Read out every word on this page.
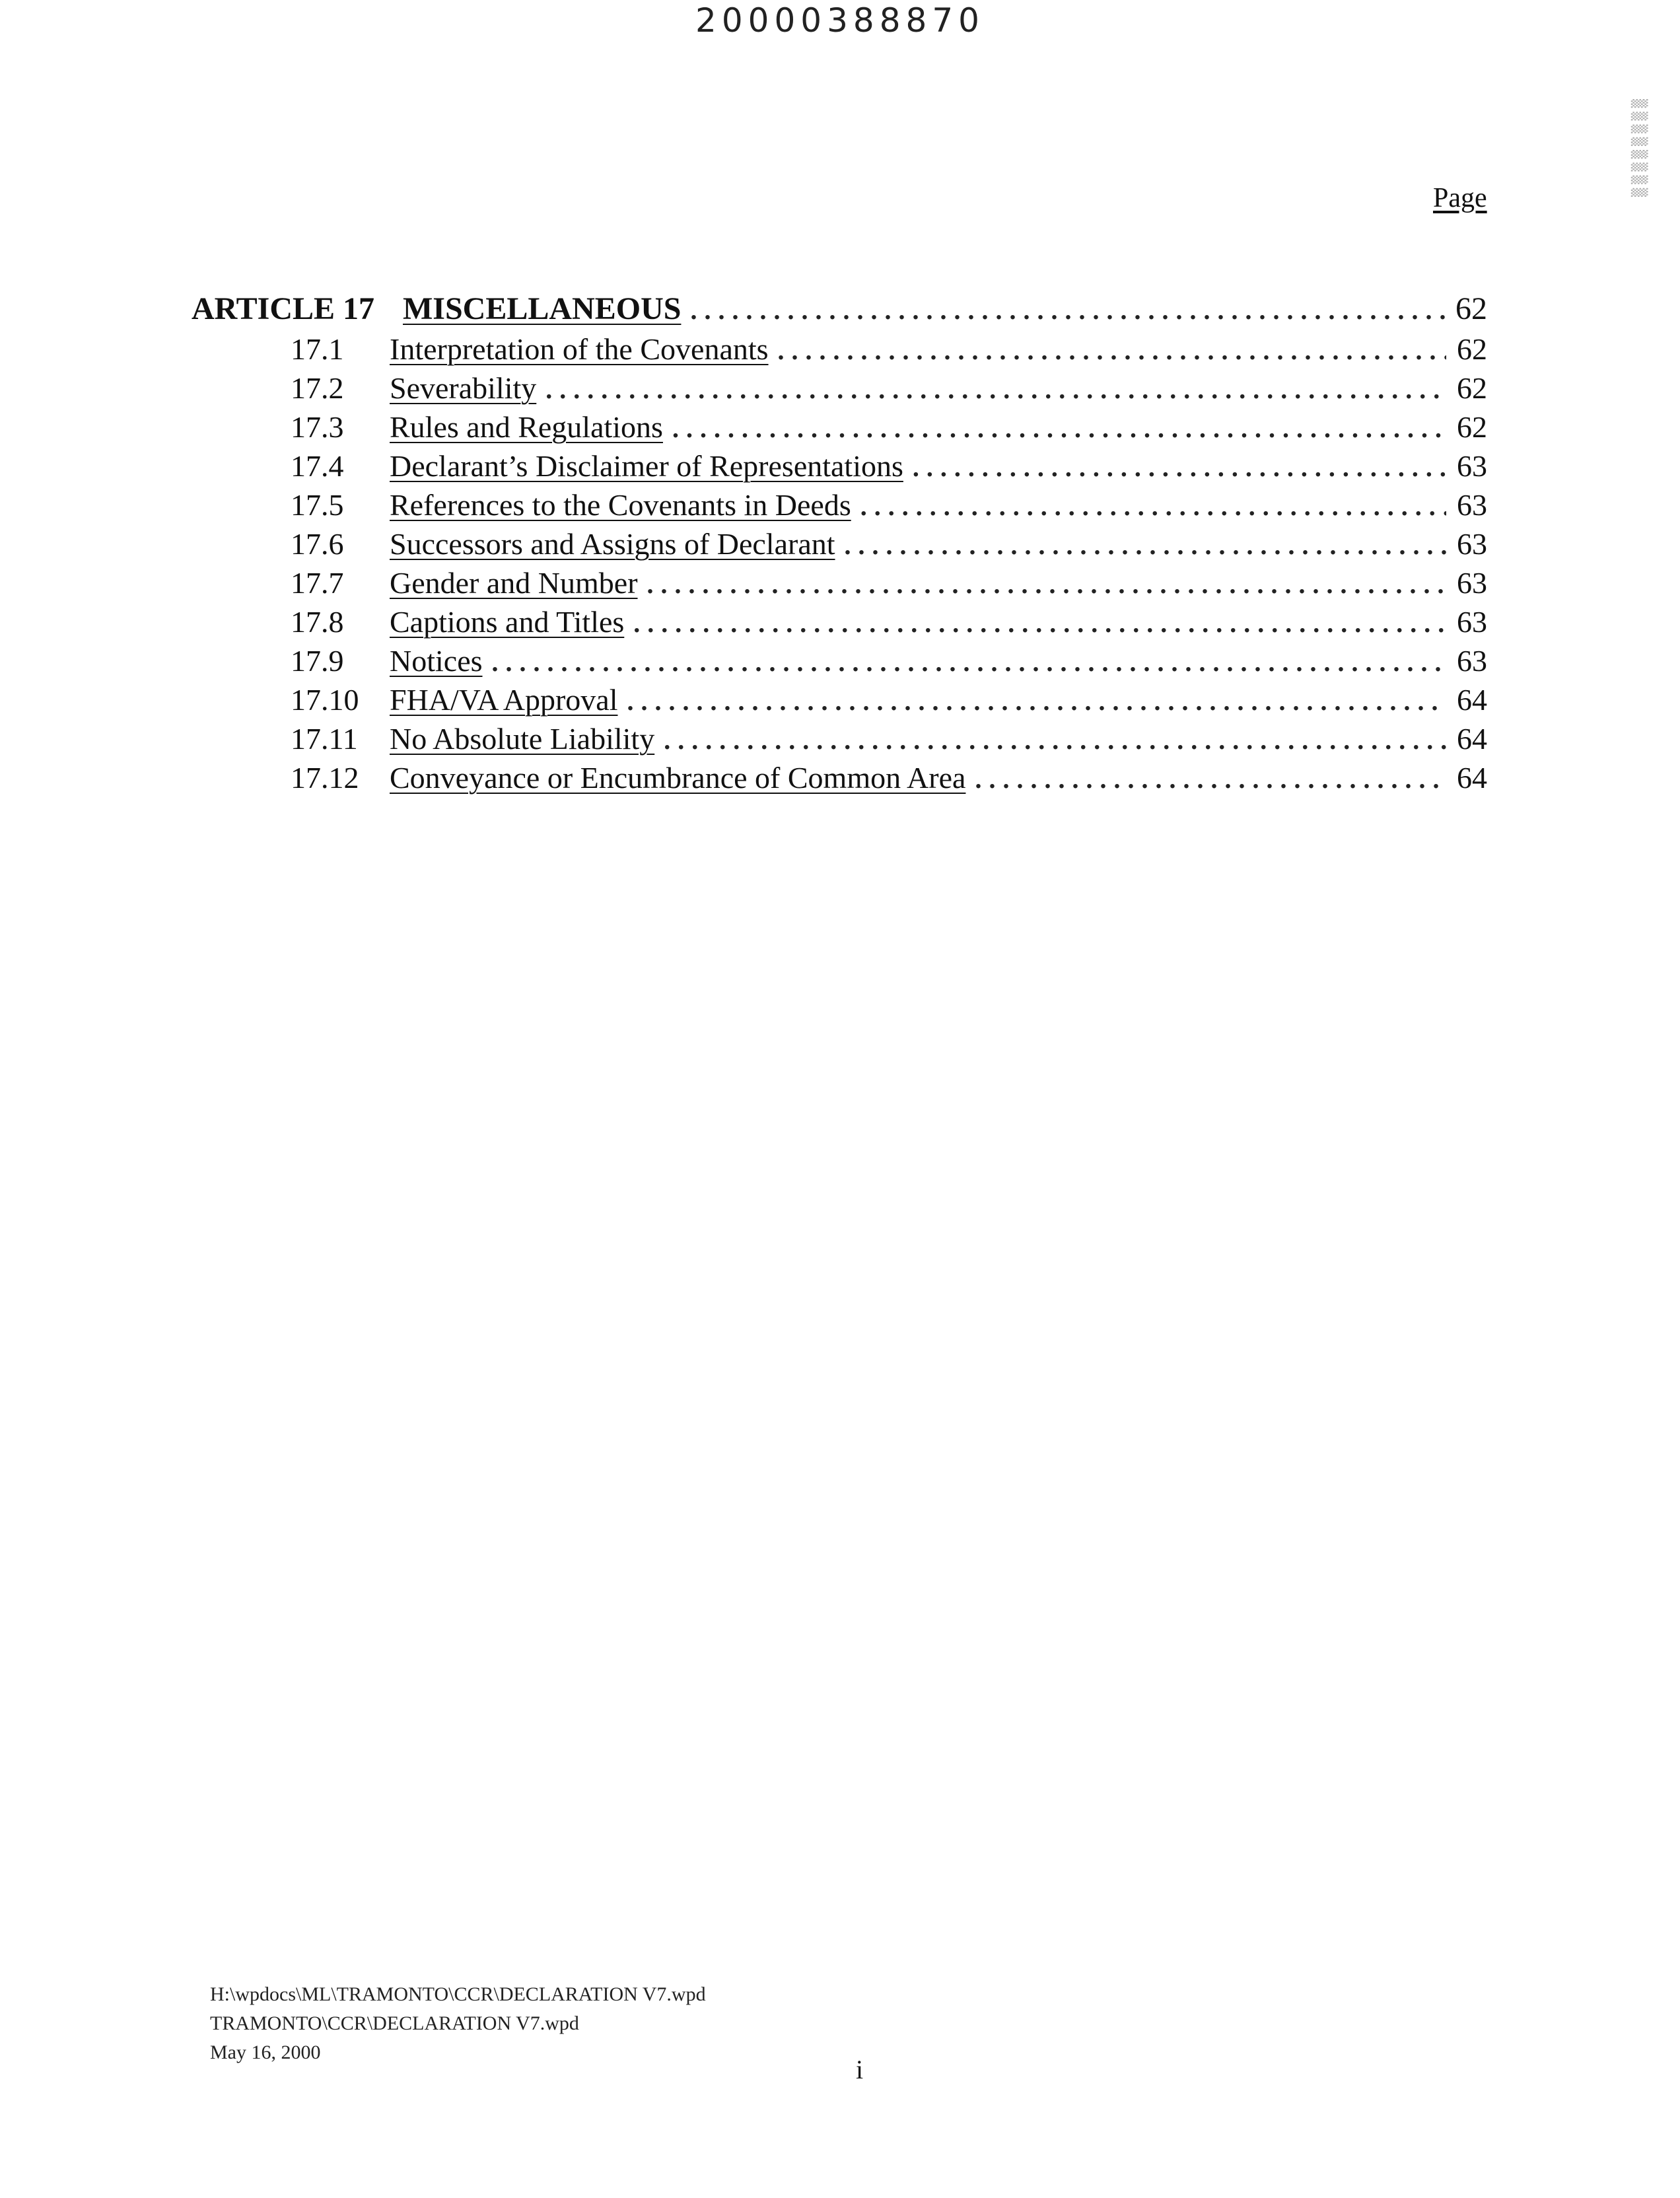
20000388870
▒▒▒▒▒▒▒▒
Page
ARTICLE 17 MISCELLANEOUS .....	62
17.1	Interpretation of the Covenants .....	62
17.2	Severability .....	62
17.3	Rules and Regulations .....	62
17.4	Declarant’s Disclaimer of Representations .....	63
17.5	References to the Covenants in Deeds .....	63
17.6	Successors and Assigns of Declarant .....	63
17.7	Gender and Number .....	63
17.8	Captions and Titles .....	63
17.9	Notices .....	63
17.10	FHA/VA Approval .....	64
17.11	No Absolute Liability .....	64
17.12	Conveyance or Encumbrance of Common Area .....	64
H:\wpdocs\ML\TRAMONTO\CCR\DECLARATION V7.wpd
TRAMONTO\CCR\DECLARATION V7.wpd
May 16, 2000
i
